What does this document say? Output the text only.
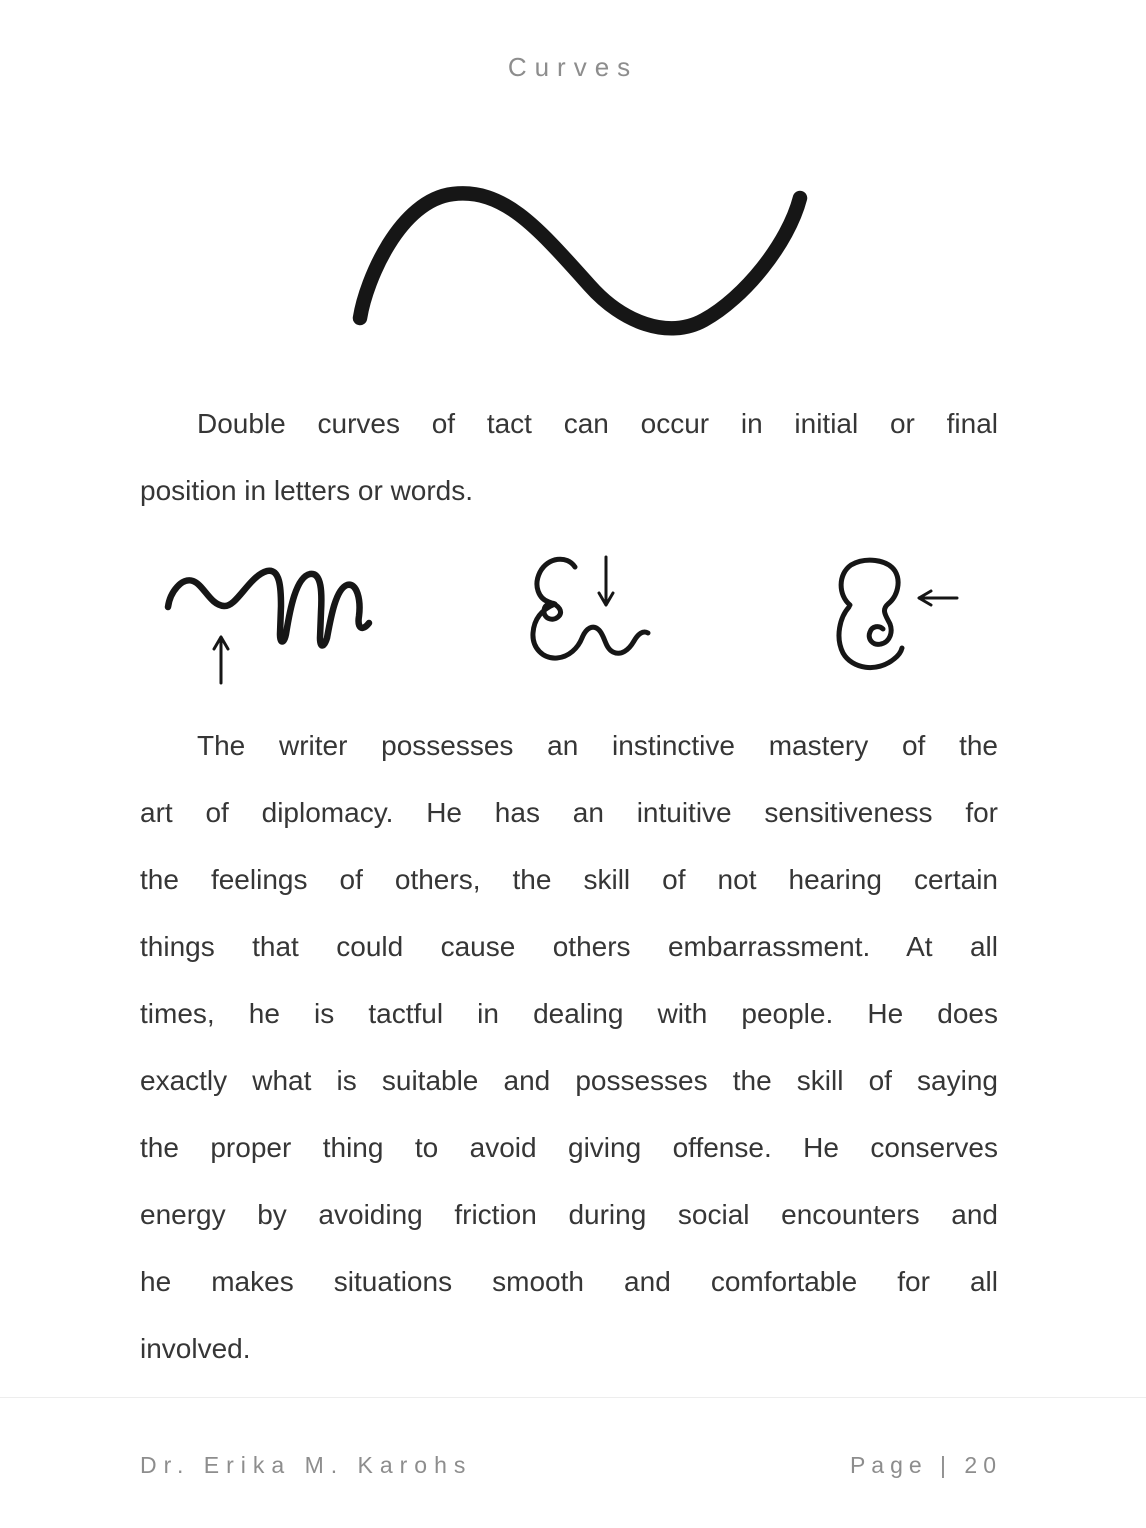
Curves
Double curves of tact can occur in initial or final
position in letters or words.
The writer possesses an instinctive mastery of the
art of diplomacy. He has an intuitive sensitiveness for
the feelings of others, the skill of not hearing certain
things that could cause others embarrassment. At all
times, he is tactful in dealing with people. He does
exactly what is suitable and possesses the skill of saying
the proper thing to avoid giving offense. He conserves
energy by avoiding friction during social encounters and
he makes situations smooth and comfortable for all
involved.
Dr. Erika M. Karohs	Page | 20
